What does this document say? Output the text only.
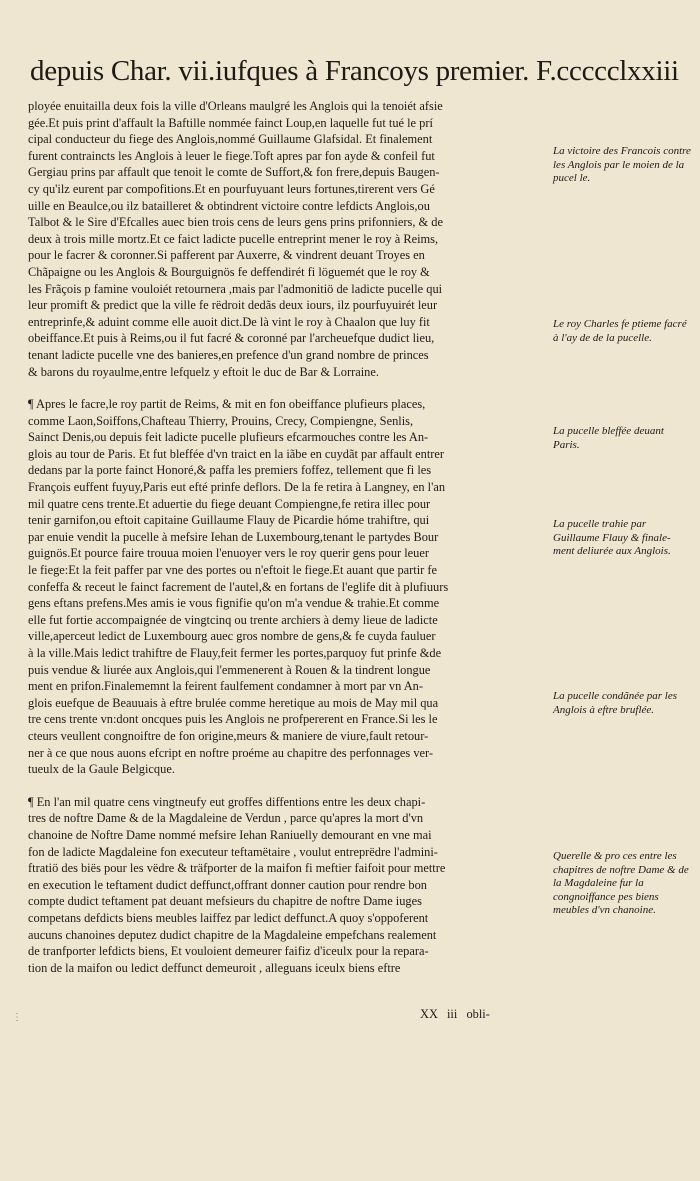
depuis Char. vii.iufques à Francoys premier. F.ccccclxxiii
ployée enuitailla deux fois la ville d'Orleans maulgré les Anglois qui la tenoiét afsie
gée.Et puis print d'affault la Baftille nommée fainct Loup,en laquelle fut tué le prí
cipal conducteur du fiege des Anglois,nommé Guillaume Glafsidal. Et finalement
furent contraincts les Anglois à leuer le fiege.Toft apres par fon ayde & confeil fut
Gergiau prins par affault que tenoit le comte de Suffort,& fon frere,depuis Baugen-
cy qu'ilz eurent par compofitions.Et en pourfuyuant leurs fortunes,tirerent vers Gé
uille en Beaulce,ou ilz batailleret & obtindrent victoire contre lefdicts Anglois,ou
Talbot & le Sire d'Efcalles auec bien trois cens de leurs gens prins prifonniers, & de
deux à trois mille mortz.Et ce faict ladicte pucelle entreprint mener le roy à Reims,
pour le facrer & coronner.Si pafferent par Auxerre, & vindrent deuant Troyes en
Chãpaigne ou les Anglois & Bourguignös fe deffendirét fi löguemét que le roy &
les Frãçois p famine vouloiét retournera ,mais par l'admonitiö de ladicte pucelle qui
leur promift & predict que la ville fe rëdroit dedãs deux iours, ilz pourfuyuirét leur
entreprinfe,& aduint comme elle auoit dict.De là vint le roy à Chaalon que luy fit
obeiffance.Et puis à Reims,ou il fut facré & coronné par l'archeuefque dudict lieu,
tenant ladicte pucelle vne des banieres,en prefence d'un grand nombre de princes
& barons du royaulme,entre lefquelz y eftoit le duc de Bar & Lorraine.
¶ Apres le facre,le roy partit de Reims, & mit en fon obeiffance plufieurs places,
comme Laon,Soiffons,Chafteau Thierry, Prouins, Crecy, Compiengne, Senlis,
Sainct Denis,ou depuis feit ladicte pucelle plufieurs efcarmouches contre les An-
glois au tour de Paris. Et fut bleffée d'vn traict en la iãbe en cuydãt par affault entrer
dedans par la porte fainct Honoré,& paffa les premiers foffez, tellement que fi les
François euffent fuyuy,Paris eut efté prinfe deflors. De la fe retira à Langney, en l'an
mil quatre cens trente.Et aduertie du fiege deuant Compiengne,fe retira illec pour
tenir garnifon,ou eftoit capitaine Guillaume Flauy de Picardie hóme trahiftre, qui
par enuie vendit la pucelle à mefsire Iehan de Luxembourg,tenant le partydes Bour
guignös.Et pource faire trouua moien l'enuoyer vers le roy querir gens pour leuer
le fiege:Et la feit paffer par vne des portes ou n'eftoit le fiege.Et auant que partir fe
confeffa & receut le fainct facrement de l'autel,& en fortans de l'eglife dit à plufiuurs
gens eftans prefens.Mes amis ie vous fignifie qu'on m'a vendue & trahie.Et comme
elle fut fortie accompaignée de vingtcinq ou trente archiers à demy lieue de ladicte
ville,aperceut ledict de Luxembourg auec gros nombre de gens,& fe cuyda fauluer
à la ville.Mais ledict trahiftre de Flauy,feit fermer les portes,parquoy fut prinfe &de
puis vendue & liurée aux Anglois,qui l'emmenerent à Rouen & la tindrent longue
ment en prifon.Finalememnt la feirent faulfement condamner à mort par vn An-
glois euefque de Beauuais à eftre brulée comme heretique au mois de May mil qua
tre cens trente vn:dont oncques puis les Anglois ne profpererent en France.Si les le
cteurs veullent congnoiftre de fon origine,meurs & maniere de viure,fault retour-
ner à ce que nous auons efcript en noftre proéme au chapitre des perfonnages ver-
tueulx de la Gaule Belgicque.
¶ En l'an mil quatre cens vingtneufy eut groffes diffentions entre les deux chapi-
tres de noftre Dame & de la Magdaleine de Verdun , parce qu'apres la mort d'vn
chanoine de Noftre Dame nommé mefsire Iehan Raniuelly demourant en vne mai
fon de ladicte Magdaleine fon executeur teftamëtaire , voulut entreprëdre l'admini-
ftratiö des biës pour les vëdre & träfporter de la maifon fi meftier faifoit pour mettre
en execution le teftament dudict deffunct,offrant donner caution pour rendre bon
compte dudict teftament pat deuant mefsieurs du chapitre de noftre Dame iuges
competans defdicts biens meubles laiffez par ledict deffunct.A quoy s'oppoferent
aucuns chanoines deputez dudict chapitre de la Magdaleine empefchans realement
de tranfporter lefdicts biens, Et vouloient demeurer faifiz d'iceulx pour la repara-
tion de la maifon ou ledict deffunct demeuroit , alleguans iceulx biens eftre
La victoire des Francois contre les Anglois par le moien de la pucel le.
Le roy Charles fe ptieme facré à l'ay de de la pucelle.
La pucelle bleffée deuant Paris.
La pucelle trahie par Guillaume Flauy & finale- ment deliurée aux Anglois.
La pucelle condãnée par les Anglois à eftre bruflée.
Querelle & pro ces entre les chapitres de noftre Dame & de la Magdaleine fur la congnoiffance pes biens meubles d'vn chanoine.
XX iii obli-
⋮
